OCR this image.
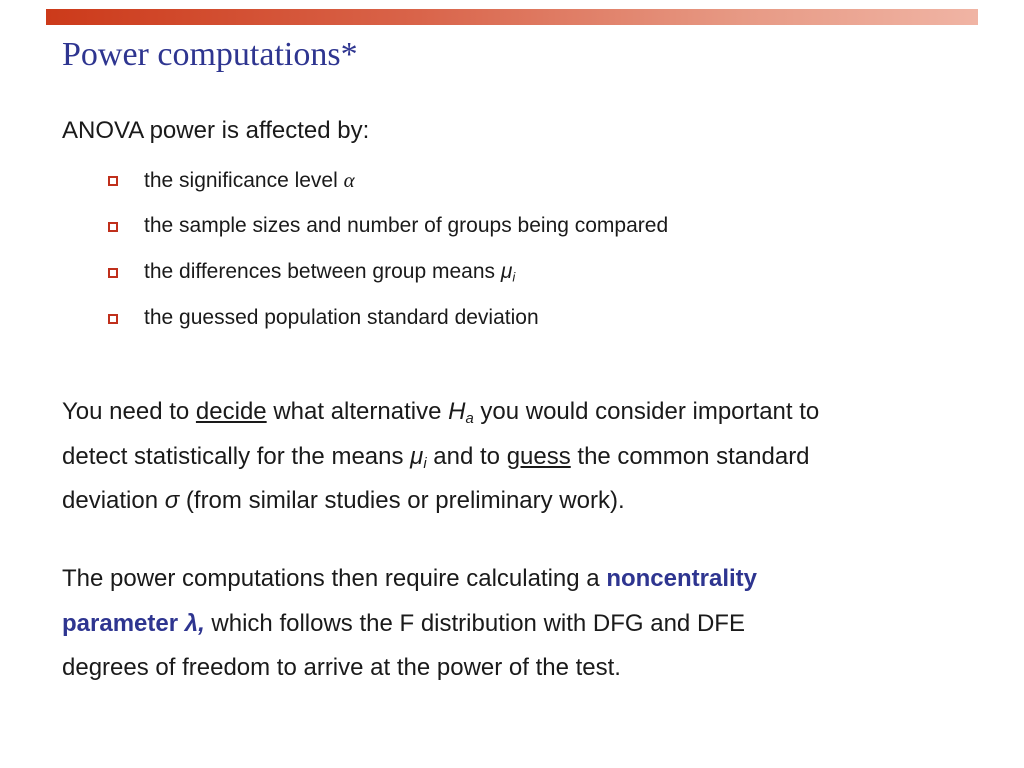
Power computations*
ANOVA power is affected by:
the significance level α
the sample sizes and number of groups being compared
the differences between group means $\mu_i$
the guessed population standard deviation
You need to decide what alternative $H_a$ you would consider important to
detect statistically for the means $\mu_i$ and to guess the common standard
deviation σ (from similar studies or preliminary work).
The power computations then require calculating a noncentrality
parameter λ, which follows the F distribution with DFG and DFE
degrees of freedom to arrive at the power of the test.
